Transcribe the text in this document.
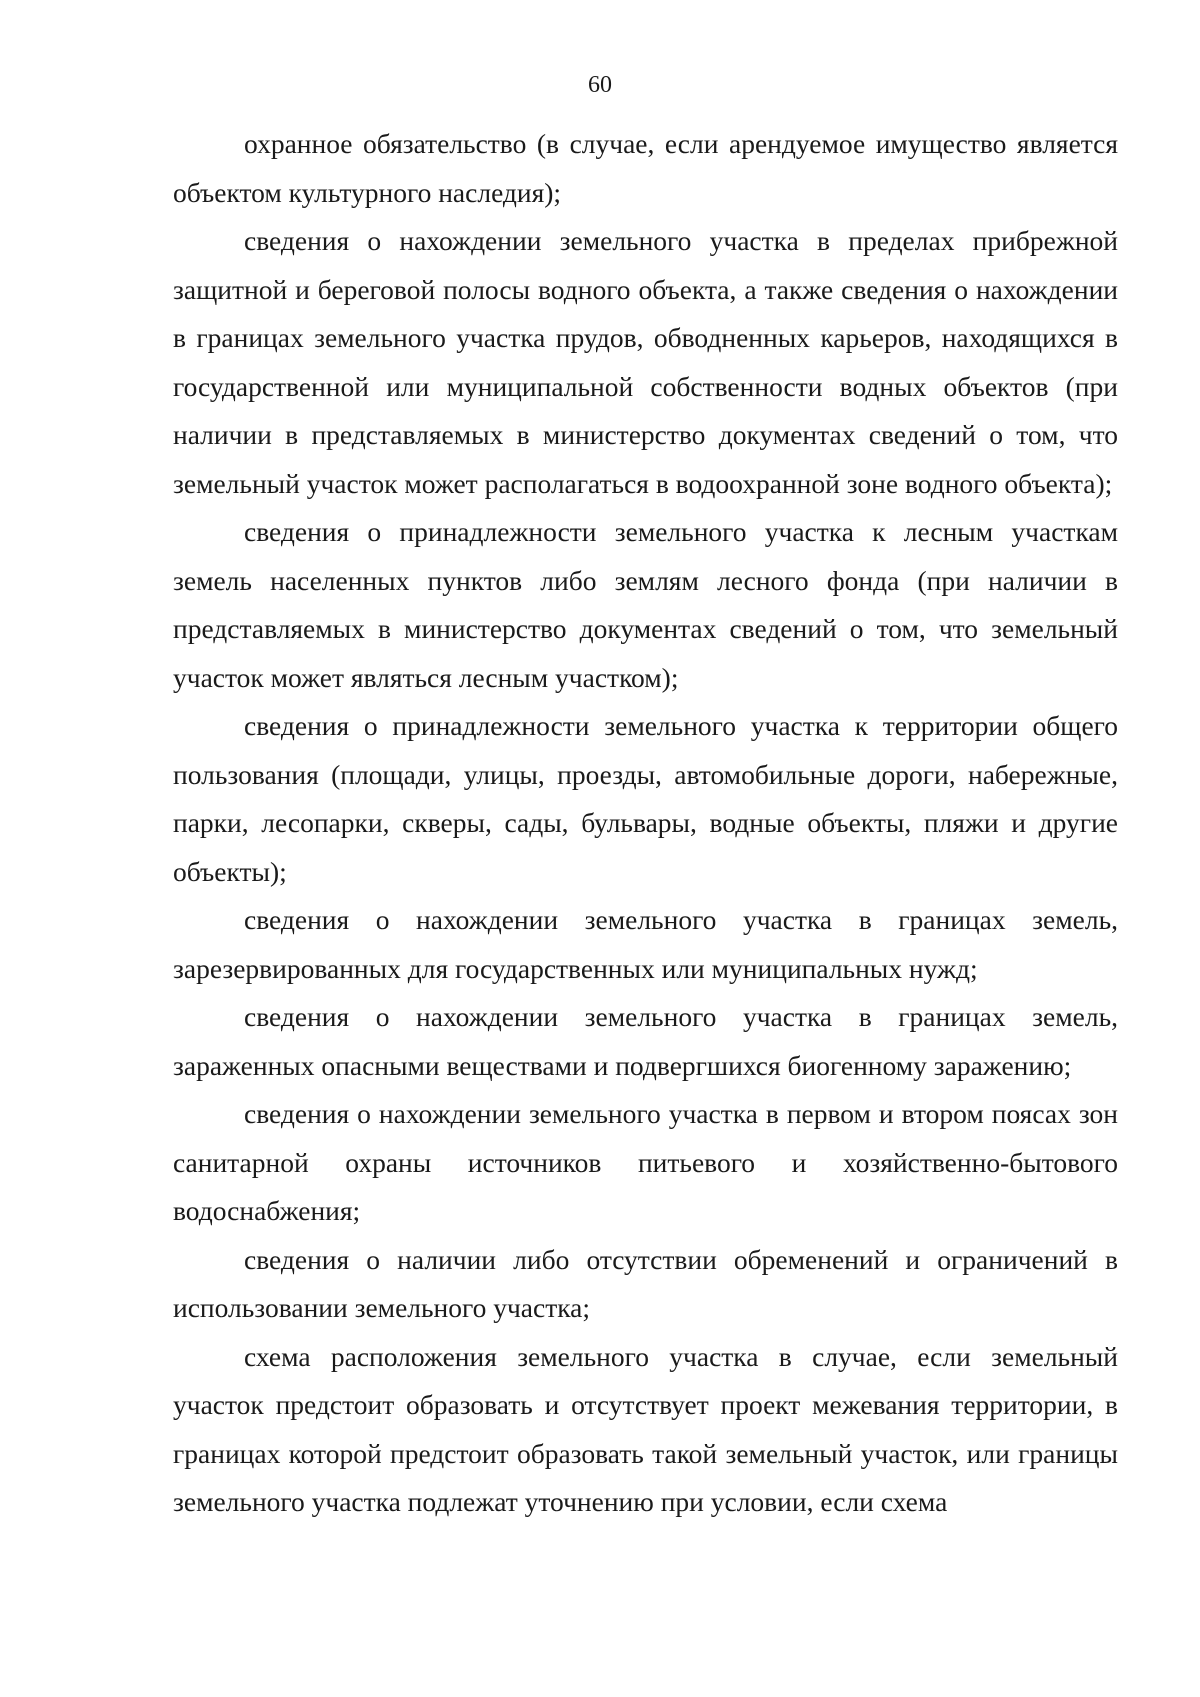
60

охранное обязательство (в случае, если арендуемое имущество является объектом культурного наследия);

сведения о нахождении земельного участка в пределах прибрежной защитной и береговой полосы водного объекта, а также сведения о нахождении в границах земельного участка прудов, обводненных карьеров, находящихся в государственной или муниципальной собственности водных объектов (при наличии в представляемых в министерство документах сведений о том, что земельный участок может располагаться в водоохранной зоне водного объекта);

сведения о принадлежности земельного участка к лесным участкам земель населенных пунктов либо землям лесного фонда (при наличии в представляемых в министерство документах сведений о том, что земельный участок может являться лесным участком);

сведения о принадлежности земельного участка к территории общего пользования (площади, улицы, проезды, автомобильные дороги, набережные, парки, лесопарки, скверы, сады, бульвары, водные объекты, пляжи и другие объекты);

сведения о нахождении земельного участка в границах земель, зарезервированных для государственных или муниципальных нужд;

сведения о нахождении земельного участка в границах земель, зараженных опасными веществами и подвергшихся биогенному заражению;

сведения о нахождении земельного участка в первом и втором поясах зон санитарной охраны источников питьевого и хозяйственно-бытового водоснабжения;

сведения о наличии либо отсутствии обременений и ограничений в использовании земельного участка;

схема расположения земельного участка в случае, если земельный участок предстоит образовать и отсутствует проект межевания территории, в границах которой предстоит образовать такой земельный участок, или границы земельного участка подлежат уточнению при условии, если схема
